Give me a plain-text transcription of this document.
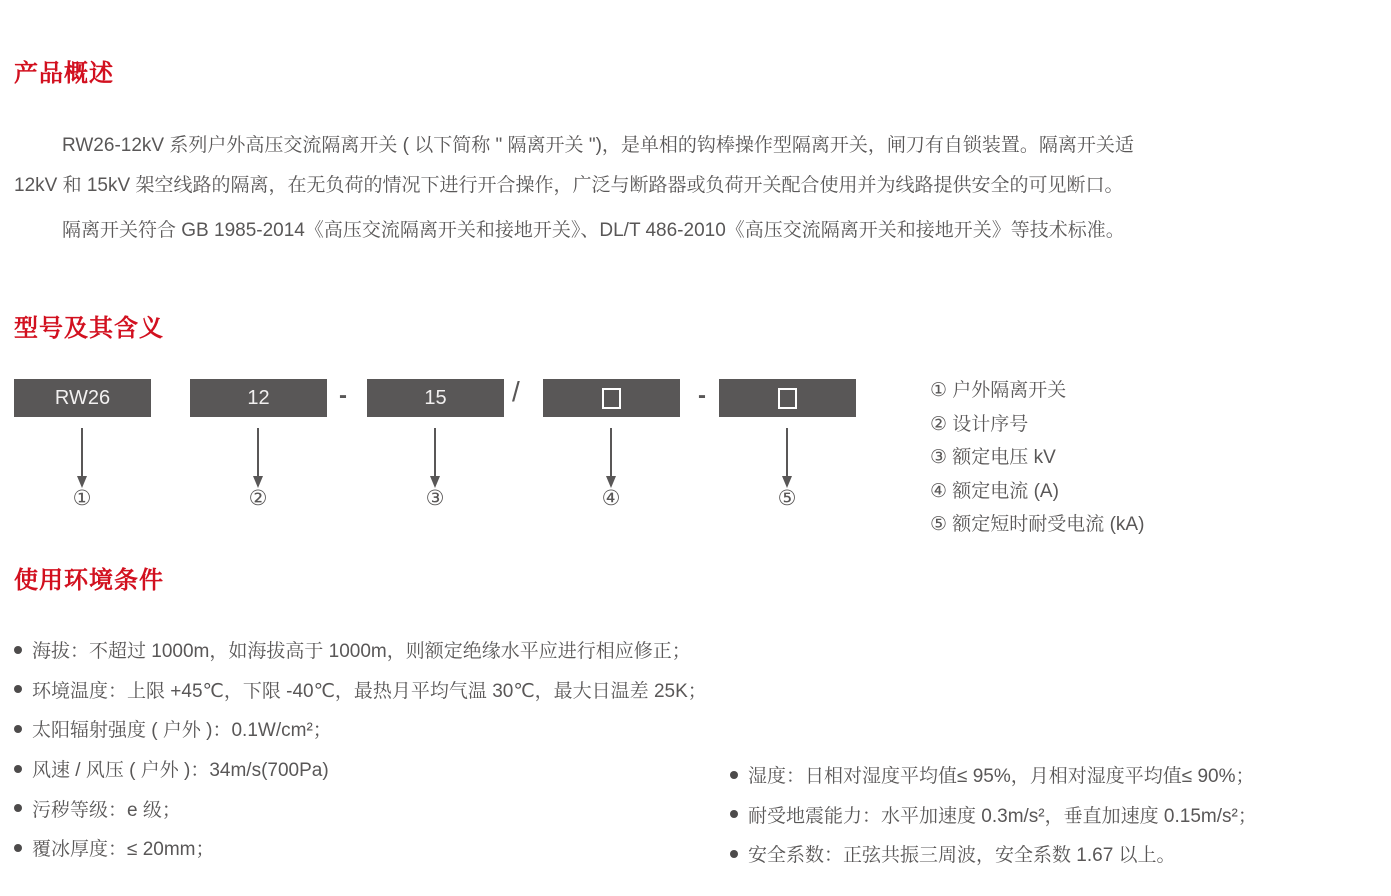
产品概述
RW26-12kV 系列户外高压交流隔离开关 ( 以下简称 " 隔离开关 ")，是单相的钩棒操作型隔离开关，闸刀有自锁装置。隔离开关适
12kV 和 15kV 架空线路的隔离，在无负荷的情况下进行开合操作，广泛与断路器或负荷开关配合使用并为线路提供安全的可见断口。
隔离开关符合 GB 1985-2014《高压交流隔离开关和接地开关》、DL/T 486-2010《高压交流隔离开关和接地开关》等技术标准。
型号及其含义
RW26	12	-	15 /	-
①	②	③	④	⑤
① 户外隔离开关
② 设计序号
③ 额定电压 kV
④ 额定电流 (A)
⑤ 额定短时耐受电流 (kA)
使用环境条件
海拔：不超过 1000m，如海拔高于 1000m，则额定绝缘水平应进行相应修正；
环境温度：上限 +45℃，下限 -40℃，最热月平均气温 30℃，最大日温差 25K；
太阳辐射强度 ( 户外 )：0.1W/cm²；
风速 / 风压 ( 户外 )：34m/s(700Pa)
污秽等级：e 级；
覆冰厚度：≤ 20mm；
湿度：日相对湿度平均值≤ 95%，月相对湿度平均值≤ 90%；
耐受地震能力：水平加速度 0.3m/s²，垂直加速度 0.15m/s²；
安全系数：正弦共振三周波，安全系数 1.67 以上。
